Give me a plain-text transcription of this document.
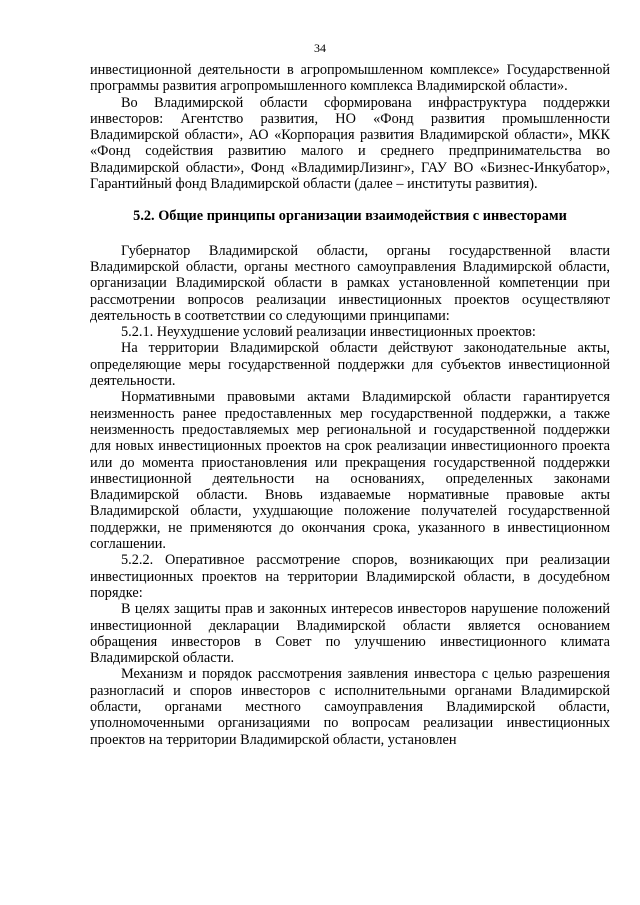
34

инвестиционной деятельности в агропромышленном комплексе» Государственной программы развития агропромышленного комплекса Владимирской области».

Во Владимирской области сформирована инфраструктура поддержки инвесторов: Агентство развития, НО «Фонд развития промышленности Владимирской области», АО «Корпорация развития Владимирской области», МКК «Фонд содействия развитию малого и среднего предпринимательства во Владимирской области», Фонд «ВладимирЛизинг», ГАУ ВО «Бизнес-Инкубатор», Гарантийный фонд Владимирской области (далее – институты развития).

5.2. Общие принципы организации взаимодействия с инвесторами

Губернатор Владимирской области, органы государственной власти Владимирской области, органы местного самоуправления Владимирской области, организации Владимирской области в рамках установленной компетенции при рассмотрении вопросов реализации инвестиционных проектов осуществляют деятельность в соответствии со следующими принципами:

5.2.1. Неухудшение условий реализации инвестиционных проектов:

На территории Владимирской области действуют законодательные акты, определяющие меры государственной поддержки для субъектов инвестиционной деятельности.

Нормативными правовыми актами Владимирской области гарантируется неизменность ранее предоставленных мер государственной поддержки, а также неизменность предоставляемых мер региональной и государственной поддержки для новых инвестиционных проектов на срок реализации инвестиционного проекта или до момента приостановления или прекращения государственной поддержки инвестиционной деятельности на основаниях, определенных законами Владимирской области. Вновь издаваемые нормативные правовые акты Владимирской области, ухудшающие положение получателей государственной поддержки, не применяются до окончания срока, указанного в инвестиционном соглашении.

5.2.2. Оперативное рассмотрение споров, возникающих при реализации инвестиционных проектов на территории Владимирской области, в досудебном порядке:

В целях защиты прав и законных интересов инвесторов нарушение положений инвестиционной декларации Владимирской области является основанием обращения инвесторов в Совет по улучшению инвестиционного климата Владимирской области.

Механизм и порядок рассмотрения заявления инвестора с целью разрешения разногласий и споров инвесторов с исполнительными органами Владимирской области, органами местного самоуправления Владимирской области, уполномоченными организациями по вопросам реализации инвестиционных проектов на территории Владимирской области, установлен
